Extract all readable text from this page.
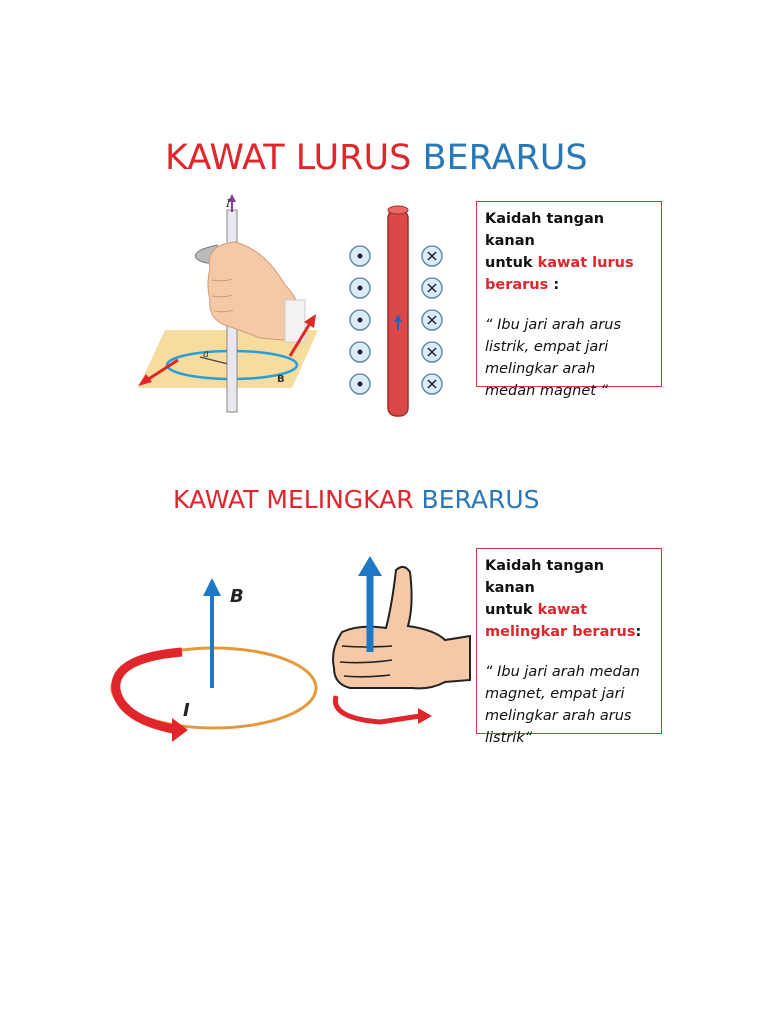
KAWAT LURUS BERARUS
KAWAT MELINGKAR BERARUS
I
a
B
B
I
Kaidah tangan kanan
untuk kawat lurus
berarus :
“ Ibu jari arah arus
listrik, empat jari
melingkar arah
medan magnet “
Kaidah tangan kanan
untuk kawat
melingkar berarus:
“ Ibu jari arah medan
magnet, empat jari
melingkar arah arus
listrik“
